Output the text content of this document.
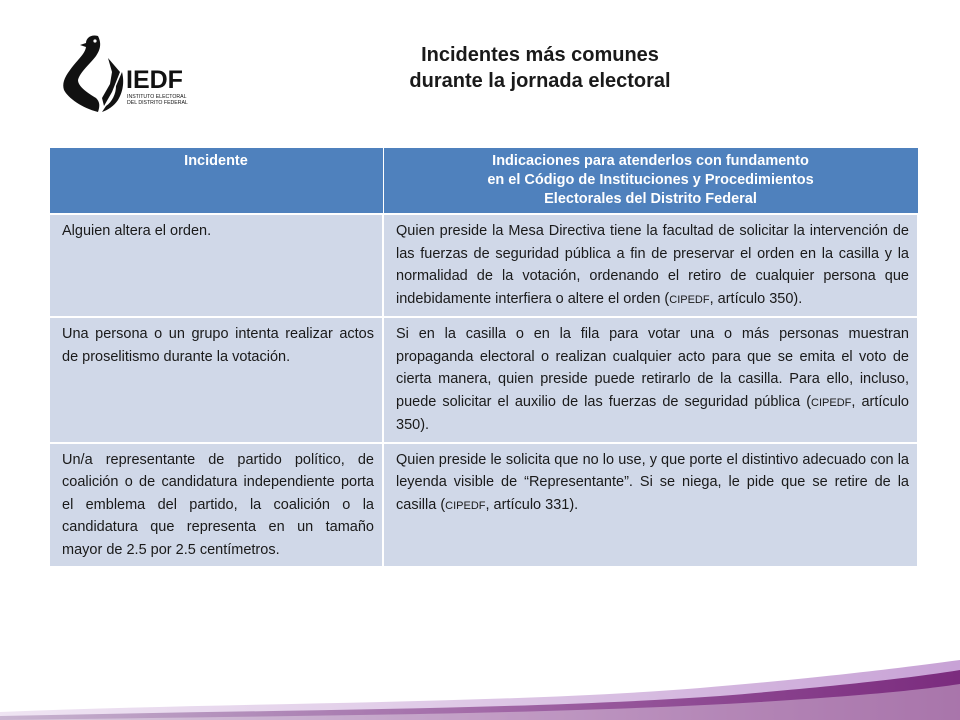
IEDF
INSTITUTO ELECTORAL
DEL DISTRITO FEDERAL
Incidentes más comunes
durante la jornada electoral
Incidente	Indicaciones para atenderlos con fundamento
en el Código de Instituciones y Procedimientos
Electorales del Distrito Federal
Alguien altera el orden.	Quien preside la Mesa Directiva tiene la facultad de solicitar la intervención de las fuerzas de seguridad pública a fin de preservar el orden en la casilla y la normalidad de la votación, ordenando el retiro de cualquier persona que indebidamente interfiera o altere el orden (CIPEDF, artículo 350).
Una persona o un grupo intenta realizar actos de proselitismo durante la votación.	Si en la casilla o en la fila para votar una o más personas muestran propaganda electoral o realizan cualquier acto para que se emita el voto de cierta manera, quien preside puede retirarlo de la casilla. Para ello, incluso, puede solicitar el auxilio de las fuerzas de seguridad pública (CIPEDF, artículo 350).
Un/a representante de partido político, de coalición o de candidatura independiente porta el emblema del partido, la coalición o la candidatura que representa en un tamaño mayor de 2.5 por 2.5 centímetros.	Quien preside le solicita que no lo use, y que porte el distintivo adecuado con la leyenda visible de “Representante”. Si se niega, le pide que se retire de la casilla (CIPEDF, artículo 331).
